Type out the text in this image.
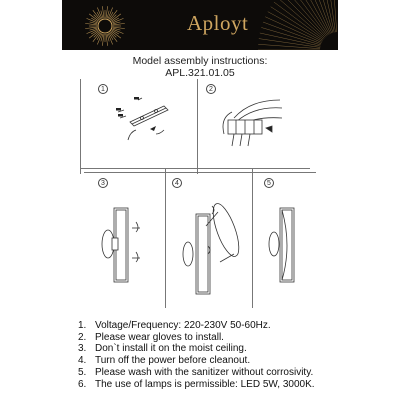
Aployt
Model assembly instructions:
APL.321.01.05
1	2
3	4	5
1. Voltage/Frequency: 220-230V 50-60Hz.
2. Please wear gloves to install.
3. Don`t install it on the moist ceiling.
4. Turn off the power before cleanout.
5. Please wash with the sanitizer without corrosivity.
6. The use of lamps is permissible: LED 5W, 3000K.
